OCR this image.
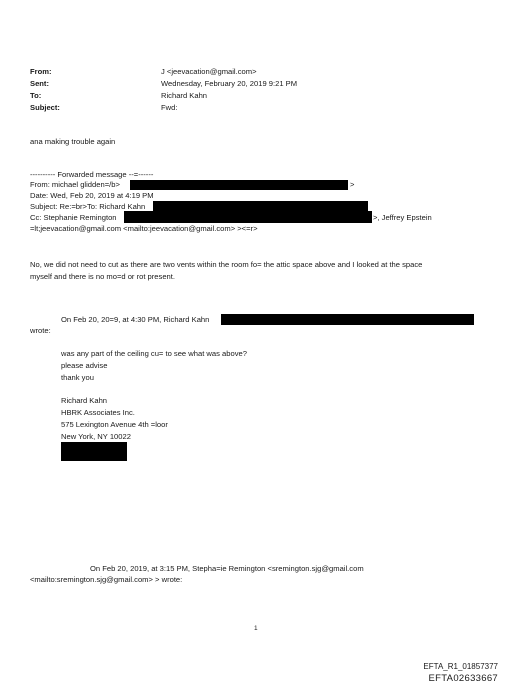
From:
Sent:
To:
Subject:
J <jeevacation@gmail.com>
Wednesday, February 20, 2019 9:21 PM
Richard Kahn
Fwd:
ana making trouble again
---------- Forwarded message --=------
From: michael glidden=/b>	>
Date: Wed, Feb 20, 2019 at 4:19 PM
Subject: Re:=br>To: Richard Kahn
Cc: Stephanie Remington	>, Jeffrey Epstein
=lt;jeevacation@gmail.com <mailto:jeevacation@gmail.com> ><=r>
No, we did not need to cut as there are two vents within the room fo= the attic space above and I looked at the space
myself and there is no mo=d or rot present.
On Feb 20, 20=9, at 4:30 PM, Richard Kahn
wrote:
was any part of the ceiling cu= to see what was above?
please advise
thank you
Richard Kahn
HBRK Associates Inc.
575 Lexington Avenue 4th =loor
New York, NY 10022
On Feb 20, 2019, at 3:15 PM, Stepha=ie Remington <sremington.sjg@gmail.com
<mailto:sremington.sjg@gmail.com> > wrote:
1
EFTA_R1_01857377
EFTA02633667
